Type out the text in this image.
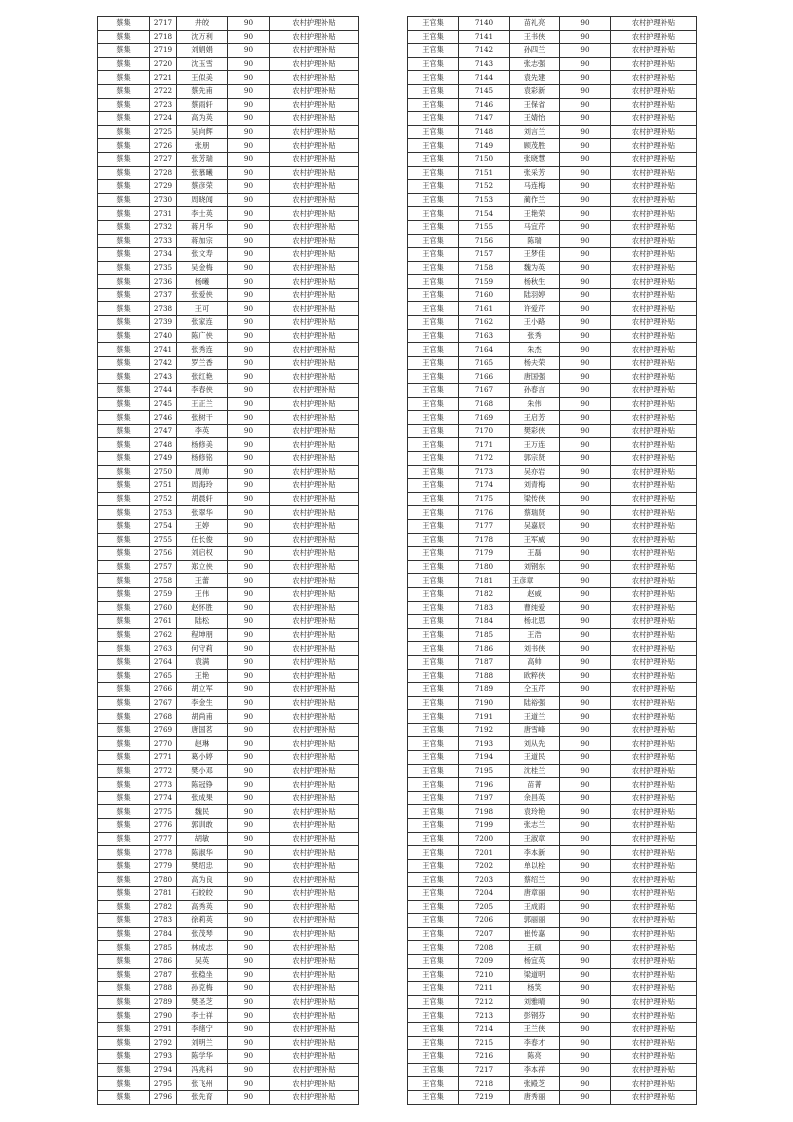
蔡集	2717	井皎	90	农村护理补贴
蔡集	2718	沈万利	90	农村护理补贴
蔡集	2719	刘娟娟	90	农村护理补贴
蔡集	2720	沈玉雪	90	农村护理补贴
蔡集	2721	王似美	90	农村护理补贴
蔡集	2722	蔡先甫	90	农村护理补贴
蔡集	2723	蔡雨轩	90	农村护理补贴
蔡集	2724	高为英	90	农村护理补贴
蔡集	2725	吴向辉	90	农村护理补贴
蔡集	2726	张朋	90	农村护理补贴
蔡集	2727	张芳瑞	90	农村护理补贴
蔡集	2728	张慕曦	90	农村护理补贴
蔡集	2729	蔡彦荣	90	农村护理补贴
蔡集	2730	周晓闻	90	农村护理补贴
蔡集	2731	李士英	90	农村护理补贴
蔡集	2732	蒋月华	90	农村护理补贴
蔡集	2733	蒋加宗	90	农村护理补贴
蔡集	2734	张文寿	90	农村护理补贴
蔡集	2735	吴金梅	90	农村护理补贴
蔡集	2736	杨曦	90	农村护理补贴
蔡集	2737	张爱侠	90	农村护理补贴
蔡集	2738	王可	90	农村护理补贴
蔡集	2739	张家连	90	农村护理补贴
蔡集	2740	陈广侠	90	农村护理补贴
蔡集	2741	张秀连	90	农村护理补贴
蔡集	2742	罗兰香	90	农村护理补贴
蔡集	2743	张红艳	90	农村护理补贴
蔡集	2744	李春侠	90	农村护理补贴
蔡集	2745	王正兰	90	农村护理补贴
蔡集	2746	张树干	90	农村护理补贴
蔡集	2747	李英	90	农村护理补贴
蔡集	2748	杨修美	90	农村护理补贴
蔡集	2749	杨修铭	90	农村护理补贴
蔡集	2750	周帅	90	农村护理补贴
蔡集	2751	周海玲	90	农村护理补贴
蔡集	2752	胡晨轩	90	农村护理补贴
蔡集	2753	张翠华	90	农村护理补贴
蔡集	2754	王婷	90	农村护理补贴
蔡集	2755	任长俊	90	农村护理补贴
蔡集	2756	刘启权	90	农村护理补贴
蔡集	2757	郑立侠	90	农村护理补贴
蔡集	2758	王蕾	90	农村护理补贴
蔡集	2759	王伟	90	农村护理补贴
蔡集	2760	赵怀胜	90	农村护理补贴
蔡集	2761	陆松	90	农村护理补贴
蔡集	2762	程坤朋	90	农村护理补贴
蔡集	2763	何守莉	90	农村护理补贴
蔡集	2764	袁满	90	农村护理补贴
蔡集	2765	王艳	90	农村护理补贴
蔡集	2766	胡立军	90	农村护理补贴
蔡集	2767	李金生	90	农村护理补贴
蔡集	2768	胡尚甫	90	农村护理补贴
蔡集	2769	唐国茗	90	农村护理补贴
蔡集	2770	赵琳	90	农村护理补贴
蔡集	2771	葛小婷	90	农村护理补贴
蔡集	2772	樊小邓	90	农村护理补贴
蔡集	2773	陈冠铮	90	农村护理补贴
蔡集	2774	张成果	90	农村护理补贴
蔡集	2775	魏民	90	农村护理补贴
蔡集	2776	郭训敢	90	农村护理补贴
蔡集	2777	胡敏	90	农村护理补贴
蔡集	2778	陈淑华	90	农村护理补贴
蔡集	2779	樊绍忠	90	农村护理补贴
蔡集	2780	高为良	90	农村护理补贴
蔡集	2781	石皎皎	90	农村护理补贴
蔡集	2782	高秀英	90	农村护理补贴
蔡集	2783	徐莉英	90	农村护理补贴
蔡集	2784	张茂琴	90	农村护理补贴
蔡集	2785	林成志	90	农村护理补贴
蔡集	2786	吴英	90	农村护理补贴
蔡集	2787	张稳坐	90	农村护理补贴
蔡集	2788	孙克梅	90	农村护理补贴
蔡集	2789	樊圣芝	90	农村护理补贴
蔡集	2790	李士祥	90	农村护理补贴
蔡集	2791	李绪宁	90	农村护理补贴
蔡集	2792	刘明兰	90	农村护理补贴
蔡集	2793	陈学华	90	农村护理补贴
蔡集	2794	冯兆科	90	农村护理补贴
蔡集	2795	张飞州	90	农村护理补贴
蔡集	2796	张先育	90	农村护理补贴
王官集	7140	苗礼亮	90	农村护理补贴
王官集	7141	王书侠	90	农村护理补贴
王官集	7142	孙四兰	90	农村护理补贴
王官集	7143	张志强	90	农村护理补贴
王官集	7144	袁先建	90	农村护理补贴
王官集	7145	袁彩新	90	农村护理补贴
王官集	7146	王保省	90	农村护理补贴
王官集	7147	王婧怡	90	农村护理补贴
王官集	7148	刘言兰	90	农村护理补贴
王官集	7149	顾茂胜	90	农村护理补贴
王官集	7150	张晓慧	90	农村护理补贴
王官集	7151	张采芳	90	农村护理补贴
王官集	7152	马连梅	90	农村护理补贴
王官集	7153	蔺作兰	90	农村护理补贴
王官集	7154	王艳荣	90	农村护理补贴
王官集	7155	马宜芹	90	农村护理补贴
王官集	7156	陈瑞	90	农村护理补贴
王官集	7157	王梦佳	90	农村护理补贴
王官集	7158	魏为英	90	农村护理补贴
王官集	7159	杨秋生	90	农村护理补贴
王官集	7160	陆羽婷	90	农村护理补贴
王官集	7161	许爱芹	90	农村护理补贴
王官集	7162	王小路	90	农村护理补贴
王官集	7163	张秀	90	农村护理补贴
王官集	7164	朱杰	90	农村护理补贴
王官集	7165	杨夫荣	90	农村护理补贴
王官集	7166	唐国强	90	农村护理补贴
王官集	7167	孙春言	90	农村护理补贴
王官集	7168	朱伟	90	农村护理补贴
王官集	7169	王启芳	90	农村护理补贴
王官集	7170	樊彩侠	90	农村护理补贴
王官集	7171	王万连	90	农村护理补贴
王官集	7172	郭宗贤	90	农村护理补贴
王官集	7173	吴亦岩	90	农村护理补贴
王官集	7174	刘青梅	90	农村护理补贴
王官集	7175	梁传侠	90	农村护理补贴
王官集	7176	蔡瑞贤	90	农村护理补贴
王官集	7177	吴嘉辰	90	农村护理补贴
王官集	7178	王军威	90	农村护理补贴
王官集	7179	王磊	90	农村护理补贴
王官集	7180	刘钢东	90	农村护理补贴
王官集	7181	王彦章	90	农村护理补贴
王官集	7182	赵威	90	农村护理补贴
王官集	7183	曹纯爱	90	农村护理补贴
王官集	7184	杨北思	90	农村护理补贴
王官集	7185	王浩	90	农村护理补贴
王官集	7186	刘书侠	90	农村护理补贴
王官集	7187	高帅	90	农村护理补贴
王官集	7188	欧粹侠	90	农村护理补贴
王官集	7189	仝玉芹	90	农村护理补贴
王官集	7190	陆裕强	90	农村护理补贴
王官集	7191	王道兰	90	农村护理补贴
王官集	7192	唐雪峰	90	农村护理补贴
王官集	7193	刘从先	90	农村护理补贴
王官集	7194	王道民	90	农村护理补贴
王官集	7195	沈桂兰	90	农村护理补贴
王官集	7196	苗菁	90	农村护理补贴
王官集	7197	余昌英	90	农村护理补贴
王官集	7198	袁玲艳	90	农村护理补贴
王官集	7199	张志兰	90	农村护理补贴
王官集	7200	王淑章	90	农村护理补贴
王官集	7201	李本新	90	农村护理补贴
王官集	7202	单以栓	90	农村护理补贴
王官集	7203	蔡绍兰	90	农村护理补贴
王官集	7204	唐章丽	90	农村护理补贴
王官集	7205	王成雨	90	农村护理补贴
王官集	7206	郭丽丽	90	农村护理补贴
王官集	7207	崔传嘉	90	农村护理补贴
王官集	7208	王硕	90	农村护理补贴
王官集	7209	杨宜英	90	农村护理补贴
王官集	7210	梁道明	90	农村护理补贴
王官集	7211	杨笑	90	农村护理补贴
王官集	7212	刘雅晴	90	农村护理补贴
王官集	7213	彭钢芬	90	农村护理补贴
王官集	7214	王兰侠	90	农村护理补贴
王官集	7215	李春才	90	农村护理补贴
王官集	7216	陈亮	90	农村护理补贴
王官集	7217	李本祥	90	农村护理补贴
王官集	7218	张殿芝	90	农村护理补贴
王官集	7219	唐秀丽	90	农村护理补贴
